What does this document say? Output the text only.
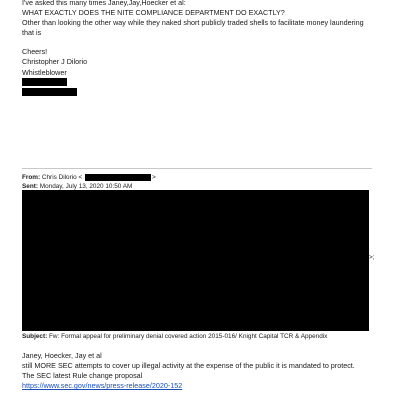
I've asked this many times Janey,Jay,Hoecker et al:
WHAT EXACTLY DOES THE NITE COMPLIANCE DEPARTMENT DO EXACTLY?
Other than looking the other way while they naked short publicly traded shells to facilitate money laundering
that is
Cheers!
Christopher J Dilorio
Whistleblower
From: Chris Dilorio <	>
Sent: Monday, July 13, 2020 10:50 AM
>;
Subject: Fw: Formal appeal for preliminary denial covered action 2015-016/ Knight Capital TCR & Appendix
Janey, Hoecker, Jay et al
still MORE SEC attempts to cover up illegal activity at the expense of the public it is mandated to protect.
The SEC latest Rule change proposal
https://www.sec.gov/news/press-release/2020-152
